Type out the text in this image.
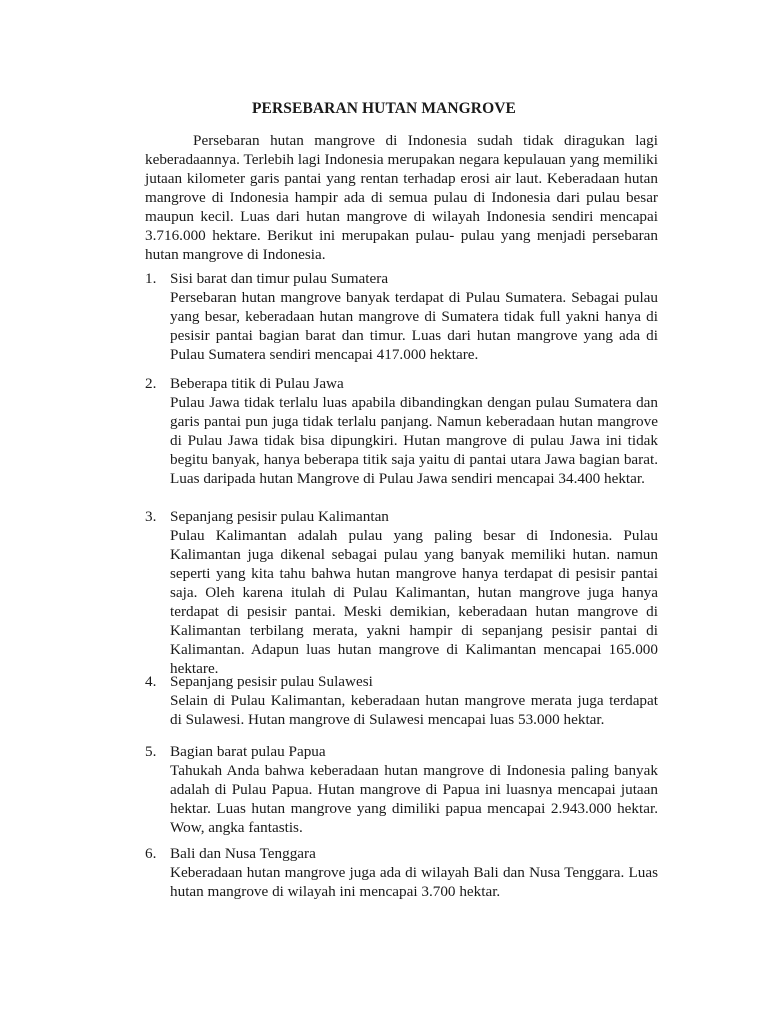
PERSEBARAN HUTAN MANGROVE
Persebaran hutan mangrove di Indonesia sudah tidak diragukan lagi keberadaannya. Terlebih lagi Indonesia merupakan negara kepulauan yang memiliki jutaan kilometer garis pantai yang rentan terhadap erosi air laut. Keberadaan hutan mangrove di Indonesia hampir ada di semua pulau di Indonesia dari pulau besar maupun kecil. Luas dari hutan mangrove di wilayah Indonesia sendiri mencapai 3.716.000 hektare. Berikut ini merupakan pulau- pulau yang menjadi persebaran hutan mangrove di Indonesia.
1. Sisi barat dan timur pulau Sumatera
Persebaran hutan mangrove banyak terdapat di Pulau Sumatera. Sebagai pulau yang besar, keberadaan hutan mangrove di Sumatera tidak full yakni hanya di pesisir pantai bagian barat dan timur. Luas dari hutan mangrove yang ada di Pulau Sumatera sendiri mencapai 417.000 hektare.
2. Beberapa titik di Pulau Jawa
Pulau Jawa tidak terlalu luas apabila dibandingkan dengan pulau Sumatera dan garis pantai pun juga tidak terlalu panjang. Namun keberadaan hutan mangrove di Pulau Jawa tidak bisa dipungkiri. Hutan mangrove di pulau Jawa ini tidak begitu banyak, hanya beberapa titik saja yaitu di pantai utara Jawa bagian barat. Luas daripada hutan Mangrove di Pulau Jawa sendiri mencapai 34.400 hektar.
3. Sepanjang pesisir pulau Kalimantan
Pulau Kalimantan adalah pulau yang paling besar di Indonesia. Pulau Kalimantan juga dikenal sebagai pulau yang banyak memiliki hutan. namun seperti yang kita tahu bahwa hutan mangrove hanya terdapat di pesisir pantai saja. Oleh karena itulah di Pulau Kalimantan, hutan mangrove juga hanya terdapat di pesisir pantai. Meski demikian, keberadaan hutan mangrove di Kalimantan terbilang merata, yakni hampir di sepanjang pesisir pantai di Kalimantan. Adapun luas hutan mangrove di Kalimantan mencapai 165.000 hektare.
4. Sepanjang pesisir pulau Sulawesi
Selain di Pulau Kalimantan, keberadaan hutan mangrove merata juga terdapat di Sulawesi. Hutan mangrove di Sulawesi mencapai luas 53.000 hektar.
5. Bagian barat pulau Papua
Tahukah Anda bahwa keberadaan hutan mangrove di Indonesia paling banyak adalah di Pulau Papua. Hutan mangrove di Papua ini luasnya mencapai jutaan hektar. Luas hutan mangrove yang dimiliki papua mencapai 2.943.000 hektar. Wow, angka fantastis.
6. Bali dan Nusa Tenggara
Keberadaan hutan mangrove juga ada di wilayah Bali dan Nusa Tenggara. Luas hutan mangrove di wilayah ini mencapai 3.700 hektar.
